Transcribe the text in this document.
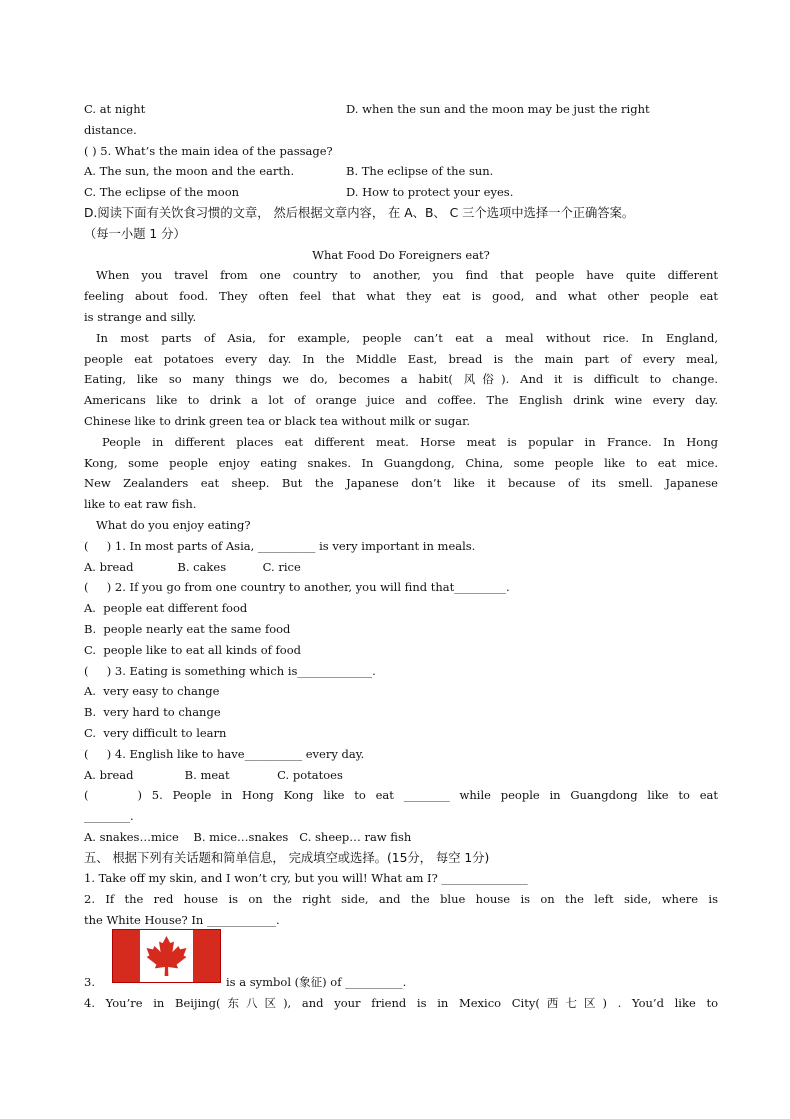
C. at night	D. when the sun and the moon may be just the right
distance.
( ) 5. What’s the main idea of the passage?
A. The sun, the moon and the earth.	B. The eclipse of the sun.
C. The eclipse of the moon	D. How to protect your eyes.
D.阅读下面有关饮食习惯的文章， 然后根据文章内容， 在 A、B、 C 三个选项中选择一个正确答案。
（每一小题 1 分）
What Food Do Foreigners eat?
When you travel from one country to another, you find that people have quite different
feeling about food. They often feel that what they eat is good, and what other people eat
is strange and silly.
In most parts of Asia, for example, people can’t eat a meal without rice. In England,
people eat potatoes every day. In the Middle East, bread is the main part of every meal,
Eating, like so many things we do, becomes a habit( 风俗). And it is difficult to change.
Americans like to drink a lot of orange juice and coffee. The English drink wine every day.
Chinese like to drink green tea or black tea without milk or sugar.
People in different places eat different meat. Horse meat is popular in France. In Hong
Kong, some people enjoy eating snakes. In Guangdong, China, some people like to eat mice.
New Zealanders eat sheep. But the Japanese don’t like it because of its smell. Japanese
like to eat raw fish.
What do you enjoy eating?
(     ) 1. In most parts of Asia, __________ is very important in meals.
A. bread            B. cakes          C. rice
(     ) 2. If you go from one country to another, you will find that_________.
A.  people eat different food
B.  people nearly eat the same food
C.  people like to eat all kinds of food
(     ) 3. Eating is something which is_____________.
A.  very easy to change
B.  very hard to change
C.  very difficult to learn
(     ) 4. English like to have__________ every day.
A. bread              B. meat             C. potatoes
(     ) 5. People in Hong Kong like to eat ________ while people in Guangdong like to eat
________.
A. snakes…mice    B. mice…snakes   C. sheep… raw fish
五、 根据下列有关话题和简单信息， 完成填空或选择。(15分， 每空 1分)
1. Take off my skin, and I won’t cry, but you will! What am I? _______________
2. If the red house is on the right side, and the blue house is on the left side, where is
the White House? In ____________.
3.	is a symbol (象征) of __________.
4. You’re in Beijing(东八区), and your friend is in Mexico City(西七区) . You’d like to
